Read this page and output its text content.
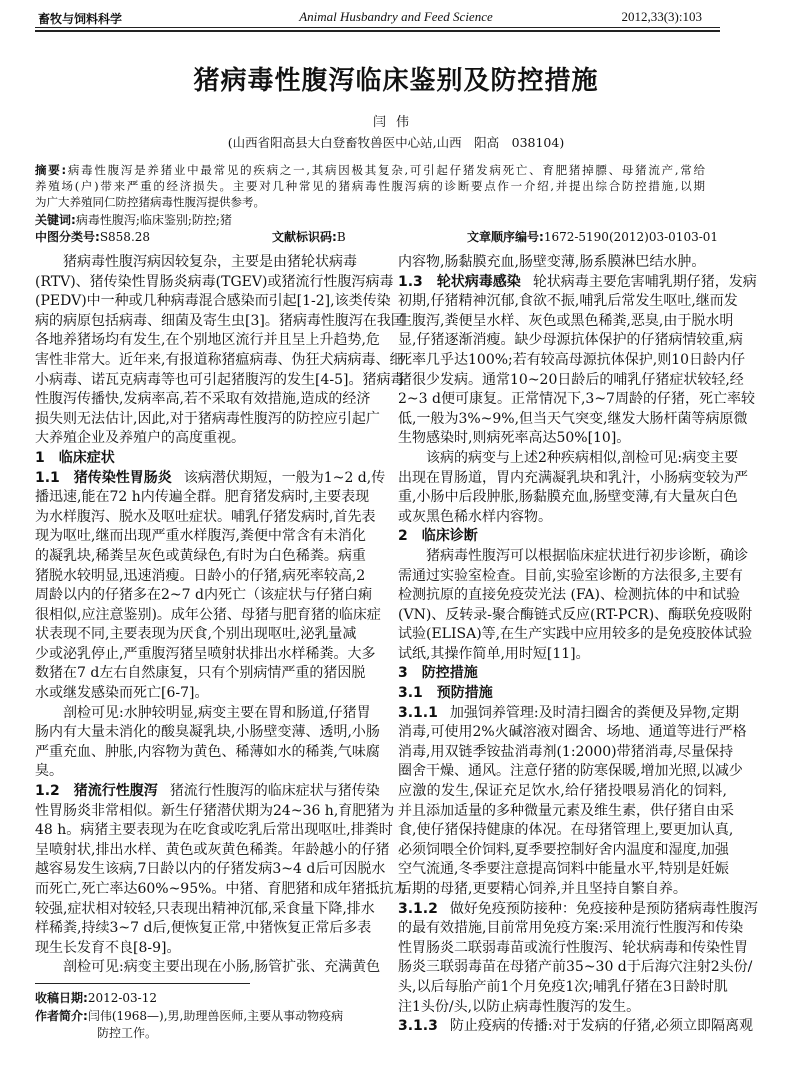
畜牧与饲料科学	Animal Husbandry and Feed Science	2012,33(3):103
猪病毒性腹泻临床鉴别及防控措施
闫伟
(山西省阳高县大白登畜牧兽医中心站,山西　阳高　038104)
摘要:病毒性腹泻是养猪业中最常见的疾病之一,其病因极其复杂,可引起仔猪发病死亡、育肥猪掉膘、母猪流产,常给
养殖场(户)带来严重的经济损失。主要对几种常见的猪病毒性腹泻病的诊断要点作一介绍,并提出综合防控措施,以期
为广大养殖同仁防控猪病毒性腹泻提供参考。
关键词:病毒性腹泻;临床鉴别;防控;猪
中图分类号:S858.28	文献标识码:B	文章顺序编号:1672-5190(2012)03-0103-01
猪病毒性腹泻病因较复杂，主要是由猪轮状病毒
(RTV)、猪传染性胃肠炎病毒(TGEV)或猪流行性腹泻病毒
(PEDV)中一种或几种病毒混合感染而引起[1-2],该类传染
病的病原包括病毒、细菌及寄生虫[3]。猪病毒性腹泻在我国
各地养猪场均有发生,在个别地区流行并且呈上升趋势,危
害性非常大。近年来,有报道称猪瘟病毒、伪狂犬病病毒、细
小病毒、诺瓦克病毒等也可引起猪腹泻的发生[4-5]。猪病毒
性腹泻传播快,发病率高,若不采取有效措施,造成的经济
损失则无法估计,因此,对于猪病毒性腹泻的防控应引起广
大养殖企业及养殖户的高度重视。
1　临床症状
1.1　猪传染性胃肠炎 该病潜伏期短，一般为1~2 d,传
播迅速,能在72 h内传遍全群。肥育猪发病时,主要表现
为水样腹泻、脱水及呕吐症状。哺乳仔猪发病时,首先表
现为呕吐,继而出现严重水样腹泻,粪便中常含有未消化
的凝乳块,稀粪呈灰色或黄绿色,有时为白色稀粪。病重
猪脱水较明显,迅速消瘦。日龄小的仔猪,病死率较高,2
周龄以内的仔猪多在2~7 d内死亡（该症状与仔猪白痢
很相似,应注意鉴别)。成年公猪、母猪与肥育猪的临床症
状表现不同,主要表现为厌食,个别出现呕吐,泌乳量减
少或泌乳停止,严重腹泻猪呈喷射状排出水样稀粪。大多
数猪在7 d左右自然康复，只有个别病情严重的猪因脱
水或继发感染而死亡[6-7]。
剖检可见:水肿较明显,病变主要在胃和肠道,仔猪胃
肠内有大量未消化的酸臭凝乳块,小肠壁变薄、透明,小肠
严重充血、肿胀,内容物为黄色、稀薄如水的稀粪,气味腐
臭。
1.2　猪流行性腹泻 猪流行性腹泻的临床症状与猪传染
性胃肠炎非常相似。新生仔猪潜伏期为24~36 h,育肥猪为
48 h。病猪主要表现为在吃食或吃乳后常出现呕吐,排粪时
呈喷射状,排出水样、黄色或灰黄色稀粪。年龄越小的仔猪
越容易发生该病,7日龄以内的仔猪发病3~4 d后可因脱水
而死亡,死亡率达60%~95%。中猪、育肥猪和成年猪抵抗力
较强,症状相对较轻,只表现出精神沉郁,采食量下降,排水
样稀粪,持续3~7 d后,便恢复正常,中猪恢复正常后多表
现生长发育不良[8-9]。
剖检可见:病变主要出现在小肠,肠管扩张、充满黄色
内容物,肠黏膜充血,肠壁变薄,肠系膜淋巴结水肿。
1.3　轮状病毒感染 轮状病毒主要危害哺乳期仔猪，发病
初期,仔猪精神沉郁,食欲不振,哺乳后常发生呕吐,继而发
生腹泻,粪便呈水样、灰色或黑色稀粪,恶臭,由于脱水明
显,仔猪逐渐消瘦。缺少母源抗体保护的仔猪病情较重,病
死率几乎达100%;若有较高母源抗体保护,则10日龄内仔
猪很少发病。通常10~20日龄后的哺乳仔猪症状较轻,经
2~3 d便可康复。正常情况下,3~7周龄的仔猪，死亡率较
低,一般为3%~9%,但当天气突变,继发大肠杆菌等病原微
生物感染时,则病死率高达50%[10]。
该病的病变与上述2种疾病相似,剖检可见:病变主要
出现在胃肠道，胃内充满凝乳块和乳汁，小肠病变较为严
重,小肠中后段肿胀,肠黏膜充血,肠壁变薄,有大量灰白色
或灰黑色稀水样内容物。
2　临床诊断
猪病毒性腹泻可以根据临床症状进行初步诊断，确诊
需通过实验室检查。目前,实验室诊断的方法很多,主要有
检测抗原的直接免疫荧光法 (FA)、检测抗体的中和试验
(VN)、反转录-聚合酶链式反应(RT-PCR)、酶联免疫吸附
试验(ELISA)等,在生产实践中应用较多的是免疫胶体试验
试纸,其操作简单,用时短[11]。
3　防控措施
3.1　预防措施
3.1.1 加强饲养管理:及时清扫圈舍的粪便及异物,定期
消毒,可使用2%火碱溶液对圈舍、场地、通道等进行严格
消毒,用双链季铵盐消毒剂(1:2000)带猪消毒,尽量保持
圈舍干燥、通风。注意仔猪的防寒保暖,增加光照,以减少
应激的发生,保证充足饮水,给仔猪投喂易消化的饲料,
并且添加适量的多种微量元素及维生素，供仔猪自由采
食,使仔猪保持健康的体况。在母猪管理上,要更加认真,
必须饲喂全价饲料,夏季要控制好舍内温度和湿度,加强
空气流通,冬季要注意提高饲料中能量水平,特别是妊娠
后期的母猪,更要精心饲养,并且坚持自繁自养。
3.1.2 做好免疫预防接种：免疫接种是预防猪病毒性腹泻
的最有效措施,目前常用免疫方案:采用流行性腹泻和传染
性胃肠炎二联弱毒苗或流行性腹泻、轮状病毒和传染性胃
肠炎三联弱毒苗在母猪产前35~30 d于后海穴注射2头份/
头,以后每胎产前1个月免疫1次;哺乳仔猪在3日龄时肌
注1头份/头,以防止病毒性腹泻的发生。
3.1.3 防止疫病的传播:对于发病的仔猪,必须立即隔离观
收稿日期:2012-03-12
作者简介:闫伟(1968—),男,助理兽医师,主要从事动物疫病
防控工作。
